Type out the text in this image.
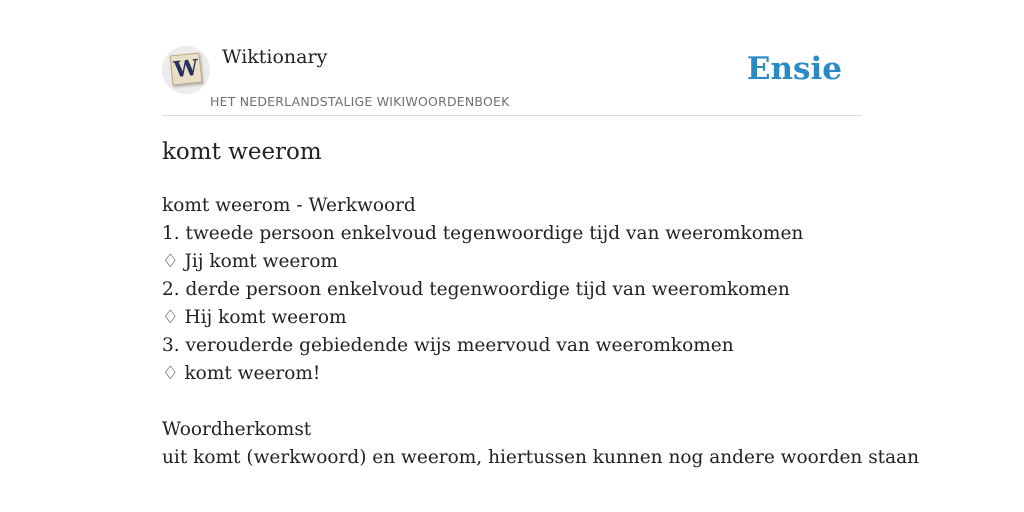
W Wiktionary
HET NEDERLANDSTALIGE WIKIWOORDENBOEK
Ensie
komt weerom
komt weerom - Werkwoord
1. tweede persoon enkelvoud tegenwoordige tijd van weeromkomen
♢ Jij komt weerom
2. derde persoon enkelvoud tegenwoordige tijd van weeromkomen
♢ Hij komt weerom
3. verouderde gebiedende wijs meervoud van weeromkomen
♢ komt weerom!
Woordherkomst
uit komt (werkwoord) en weerom, hiertussen kunnen nog andere woorden staan
